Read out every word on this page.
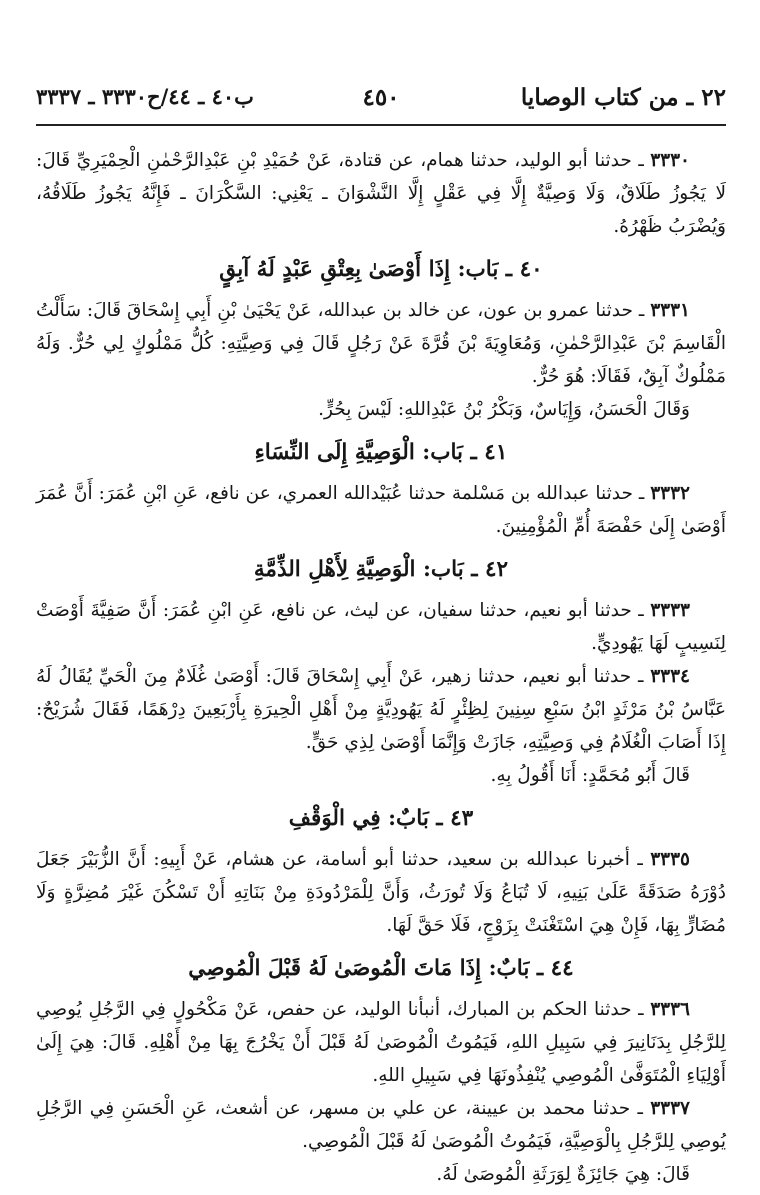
٢٢ ـ من كتاب الوصايا
٤٥٠
ب٤٠ ـ ٤٤/ح٣٣٣٠ ـ ٣٣٣٧

٣٣٣٠ ـ حدثنا أبو الوليد، حدثنا همام، عن قتادة، عَنْ حُمَيْدِ بْنِ عَبْدِالرَّحْمٰنِ الْحِمْيَرِيِّ قَالَ: لَا يَجُوزُ طَلَاقٌ، وَلَا وَصِيَّةٌ إِلَّا فِي عَقْلٍ إِلَّا النَّشْوَانَ ـ يَعْنِي: السَّكْرَانَ ـ فَإِنَّهُ يَجُوزُ طَلَاقُهُ، وَيُضْرَبُ ظَهْرُهُ.

٤٠ ـ بَاب: إِذَا أَوْصَىٰ بِعِتْقِ عَبْدٍ لَهُ آبِقٍ

٣٣٣١ ـ حدثنا عمرو بن عون، عن خالد بن عبدالله، عَنْ يَحْيَىٰ بْنِ أَبِي إِسْحَاقَ قَالَ: سَأَلْتُ الْقَاسِمَ بْنَ عَبْدِالرَّحْمٰنِ، وَمُعَاوِيَةَ بْنَ قُرَّةَ عَنْ رَجُلٍ قَالَ فِي وَصِيَّتِهِ: كُلُّ مَمْلُوكٍ لِي حُرٌّ. وَلَهُ مَمْلُوكٌ آبِقٌ، فَقَالَا: هُوَ حُرٌّ.

وَقَالَ الْحَسَنُ، وَإِيَاسٌ، وَبَكْرُ بْنُ عَبْدِاللهِ: لَيْسَ بِحُرٍّ.

٤١ ـ بَاب: الْوَصِيَّةِ إِلَى النِّسَاءِ

٣٣٣٢ ـ حدثنا عبدالله بن مَسْلمة حدثنا عُبَيْدالله العمري، عن نافع، عَنِ ابْنِ عُمَرَ: أَنَّ عُمَرَ أَوْصَىٰ إِلَىٰ حَفْصَةَ أُمِّ الْمُؤْمِنِينَ.

٤٢ ـ بَاب: الْوَصِيَّةِ لِأَهْلِ الذِّمَّةِ

٣٣٣٣ ـ حدثنا أبو نعيم، حدثنا سفيان، عن ليث، عن نافع، عَنِ ابْنِ عُمَرَ: أَنَّ صَفِيَّةَ أَوْصَتْ لِنَسِيبٍ لَهَا يَهُودِيٍّ.

٣٣٣٤ ـ حدثنا أبو نعيم، حدثنا زهير، عَنْ أَبِي إِسْحَاقَ قَالَ: أَوْصَىٰ غُلَامٌ مِنَ الْحَيِّ يُقَالُ لَهُ عَبَّاسُ بْنُ مَرْثَدٍ ابْنُ سَبْعِ سِنِينَ لِظِئْرٍ لَهُ يَهُودِيَّةٍ مِنْ أَهْلِ الْحِيرَةِ بِأَرْبَعِينَ دِرْهَمًا، فَقَالَ شُرَيْحٌ: إِذَا أَصَابَ الْغُلَامُ فِي وَصِيَّتِهِ، جَازَتْ وَإِنَّمَا أَوْصَىٰ لِذِي حَقٍّ.

قَالَ أَبُو مُحَمَّدٍ: أَنَا أَقُولُ بِهِ.

٤٣ ـ بَابٌ: فِي الْوَقْفِ

٣٣٣٥ ـ أخبرنا عبدالله بن سعيد، حدثنا أبو أسامة، عن هشام، عَنْ أَبِيهِ: أَنَّ الزُّبَيْرَ جَعَلَ دُوْرَهُ صَدَقَةً عَلَىٰ بَنِيهِ، لَا تُبَاعُ وَلَا تُورَثُ، وَأَنَّ لِلْمَرْدُودَةِ مِنْ بَنَاتِهِ أَنْ تَسْكُنَ غَيْرَ مُضِرَّةٍ وَلَا مُضَارٍّ بِهَا، فَإِنْ هِيَ اسْتَغْنَتْ بِزَوْجٍ، فَلَا حَقَّ لَهَا.

٤٤ ـ بَابٌ: إِذَا مَاتَ الْمُوصَىٰ لَهُ قَبْلَ الْمُوصِي

٣٣٣٦ ـ حدثنا الحكم بن المبارك، أنبأنا الوليد، عن حفص، عَنْ مَكْحُولٍ فِي الرَّجُلِ يُوصِي لِلرَّجُلِ بِدَنَانِيرَ فِي سَبِيلِ اللهِ، فَيَمُوتُ الْمُوصَىٰ لَهُ قَبْلَ أَنْ يَخْرُجَ بِهَا مِنْ أَهْلِهِ. قَالَ: هِيَ إِلَىٰ أَوْلِيَاءِ الْمُتَوَفَّىٰ الْمُوصِي يُنْفِذُونَهَا فِي سَبِيلِ اللهِ.

٣٣٣٧ ـ حدثنا محمد بن عيينة، عن علي بن مسهر، عن أشعث، عَنِ الْحَسَنِ فِي الرَّجُلِ يُوصِي لِلرَّجُلِ بِالْوَصِيَّةِ، فَيَمُوتُ الْمُوصَىٰ لَهُ قَبْلَ الْمُوصِي.

قَالَ: هِيَ جَائِزَةٌ لِوَرَثَةِ الْمُوصَىٰ لَهُ.
